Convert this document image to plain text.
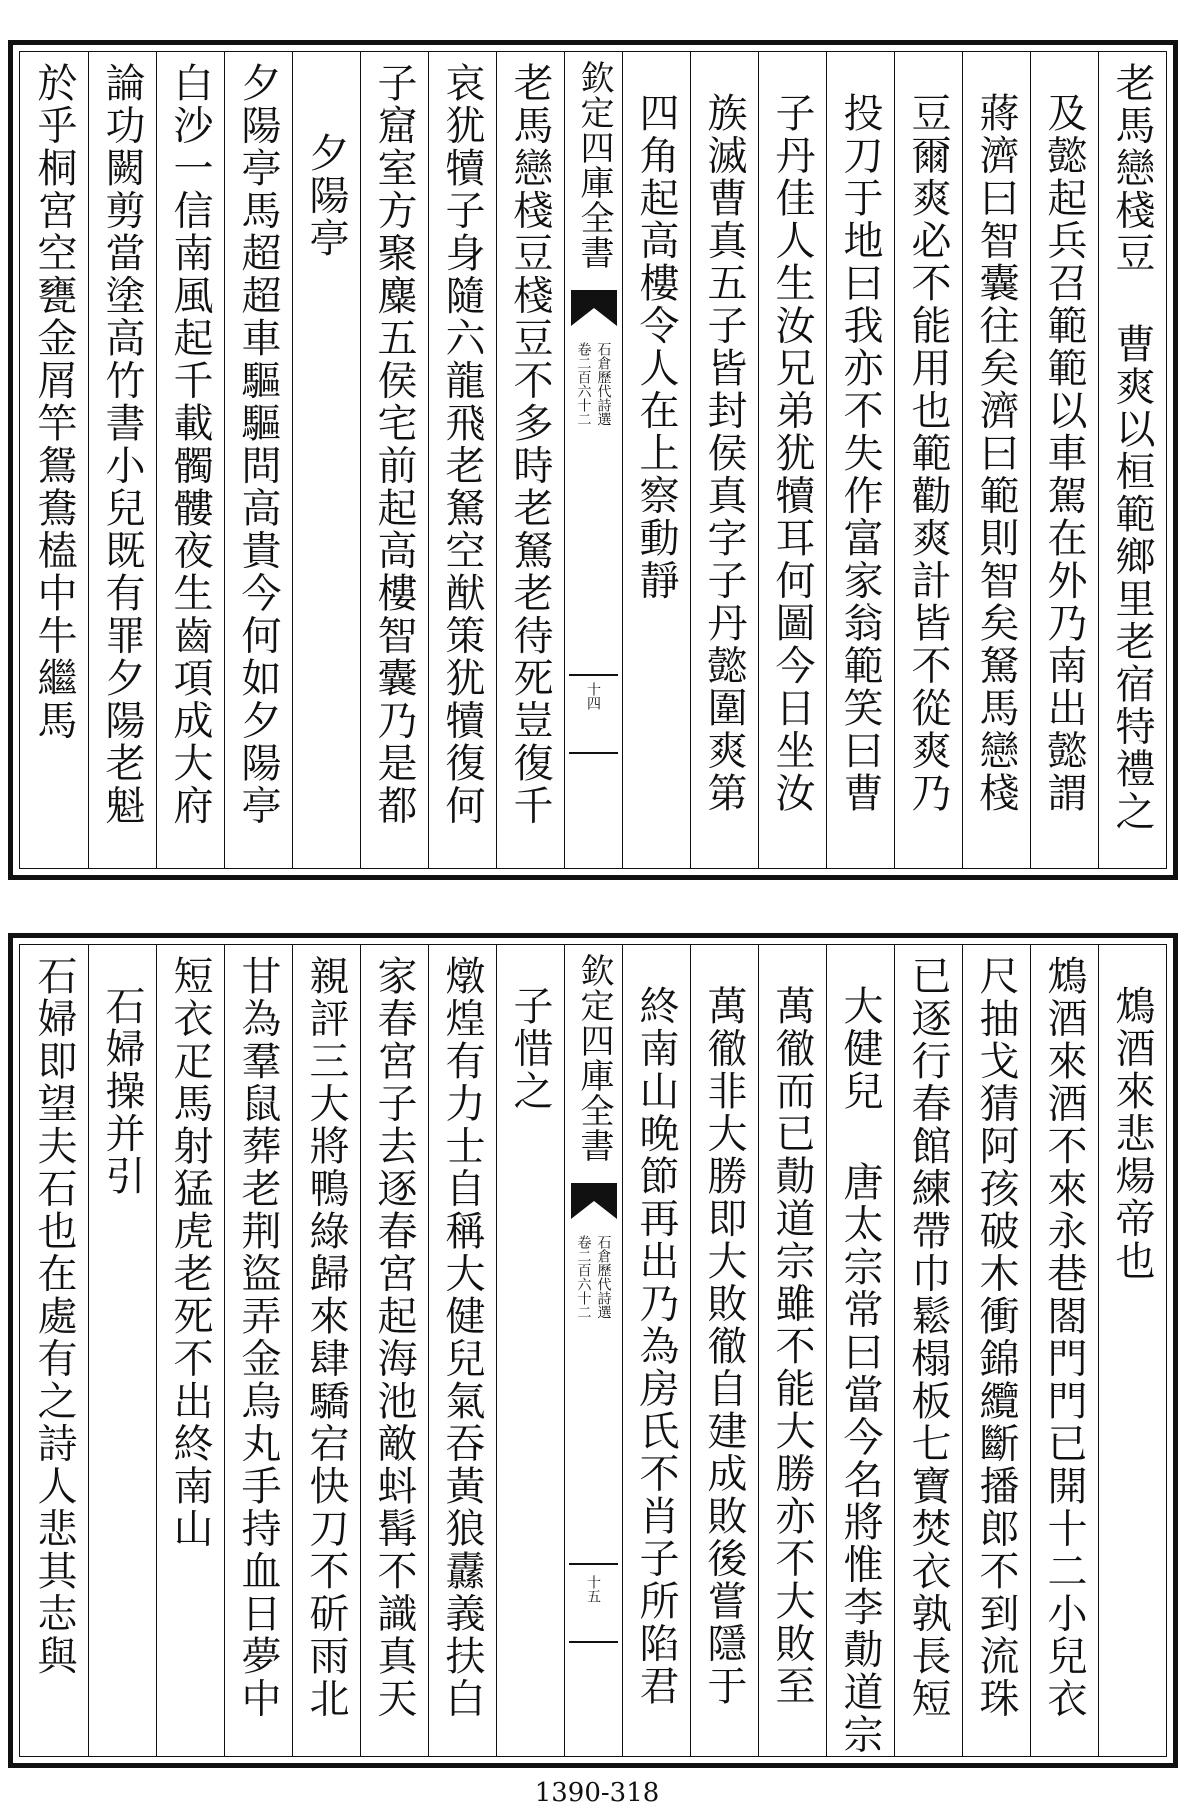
老馬戀棧豆 曹爽以桓範鄉里老宿特禮之
及懿起兵召範範以車駕在外乃南出懿謂
蔣濟曰智囊往矣濟曰範則智矣駑馬戀棧
豆爾爽必不能用也範勸爽計皆不從爽乃
投刀于地曰我亦不失作富家翁範笑曰曹
子丹佳人生汝兄弟犹犢耳何圖今日坐汝
族滅曹真五子皆封侯真字子丹懿圍爽第
四角起高樓令人在上察動靜
欽定四庫全書
石倉歷代詩選
卷二百六十二
十四
老馬戀棧豆棧豆不多時老駑老待死豈復千
哀犹犢子身隨六龍飛老駑空猷策犹犢復何
子窟室方聚麋五侯宅前起高樓智囊乃是都
夕陽亭
夕陽亭馬超超車驅驅問高貴今何如夕陽亭
白沙一信南風起千載髑髏夜生齒項成大府
論功闕剪當塗高竹書小兒既有罪夕陽老魁
於乎桐宮空甕金屑竿鴛鴦榼中牛繼馬
鴆酒來悲煬帝也
鴆酒來酒不來永巷閤門門已開十二小兒衣
尺抽戈猜阿孩破木衝錦纜斷播郎不到流珠
已逐行春館練帶巾鬆榻板七寶焚衣孰長短
大健兒 唐太宗常曰當今名將惟李勣道宗
萬徹而已勣道宗雖不能大勝亦不大敗至
萬徹非大勝即大敗徹自建成敗後嘗隱于
終南山晚節再出乃為房氏不肖子所陷君
欽定四庫全書
石倉歷代詩選
卷二百六十二
十五
子惜之
燉煌有力士自稱大健兒氣吞黃狼纛義扶白
家春宮子去逐春宮起海池敵蚪髯不識真天
親評三大將鴨綠歸來肆驕宕快刀不斫雨北
甘為羣鼠葬老荆盜弄金烏丸手持血日夢中
短衣疋馬射猛虎老死不出終南山
石婦操并引
石婦即望夫石也在處有之詩人悲其志與
1390-318
